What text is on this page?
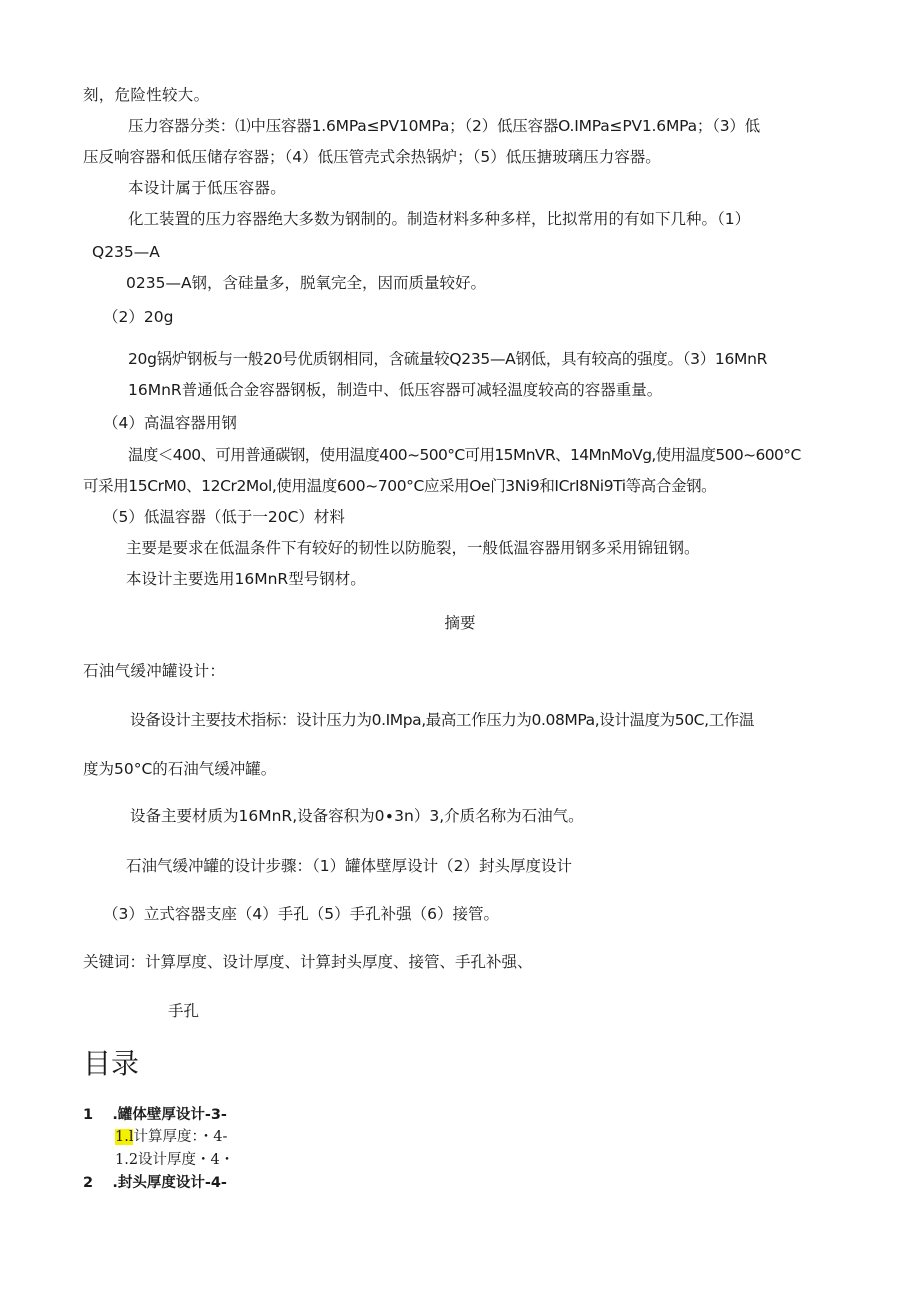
刻，危险性较大。
压力容器分类：⑴中压容器1.6MPa≤PV10MPa；（2）低压容器O.IMPa≤PV1.6MPa；（3）低
压反响容器和低压储存容器；（4）低压管壳式余热锅炉；（5）低压搪玻璃压力容器。
本设计属于低压容器。
化工装置的压力容器绝大多数为钢制的。制造材料多种多样，比拟常用的有如下几种。（1）
Q235—A
0235—A钢，含硅量多，脱氧完全，因而质量较好。
（2）20g
20g锅炉钢板与一般20号优质钢相同，含硫量较Q235—A钢低，具有较高的强度。（3）16MnR
16MnR普通低合金容器钢板，制造中、低压容器可减轻温度较高的容器重量。
（4）高温容器用钢
温度＜400、可用普通碳钢，使用温度400~500°C可用15MnVR、14MnMoVg,使用温度500~600°C
可采用15CrM0、12Cr2Mol,使用温度600~700°C应采用Oe门3Ni9和ICrI8Ni9Ti等高合金钢。
（5）低温容器（低于一20C）材料
主要是要求在低温条件下有较好的韧性以防脆裂，一般低温容器用钢多采用锦钮钢。
本设计主要选用16MnR型号钢材。
摘要
石油气缓冲罐设计：
设备设计主要技术指标：设计压力为0.IMpa,最高工作压力为0.08MPa,设计温度为50C,工作温
度为50°C的石油气缓冲罐。
设备主要材质为16MnR,设备容积为0∙3n）3,介质名称为石油气。
石油气缓冲罐的设计步骤：（1）罐体壁厚设计（2）封头厚度设计
（3）立式容器支座（4）手孔（5）手孔补强（6）接管。
关键词：计算厚度、设计厚度、计算封头厚度、接管、手孔补强、
手孔
目录
1 .罐体壁厚设计-3-
1.l计算厚度：・4-
1.2设计厚度・4・
2 .封头厚度设计-4-
